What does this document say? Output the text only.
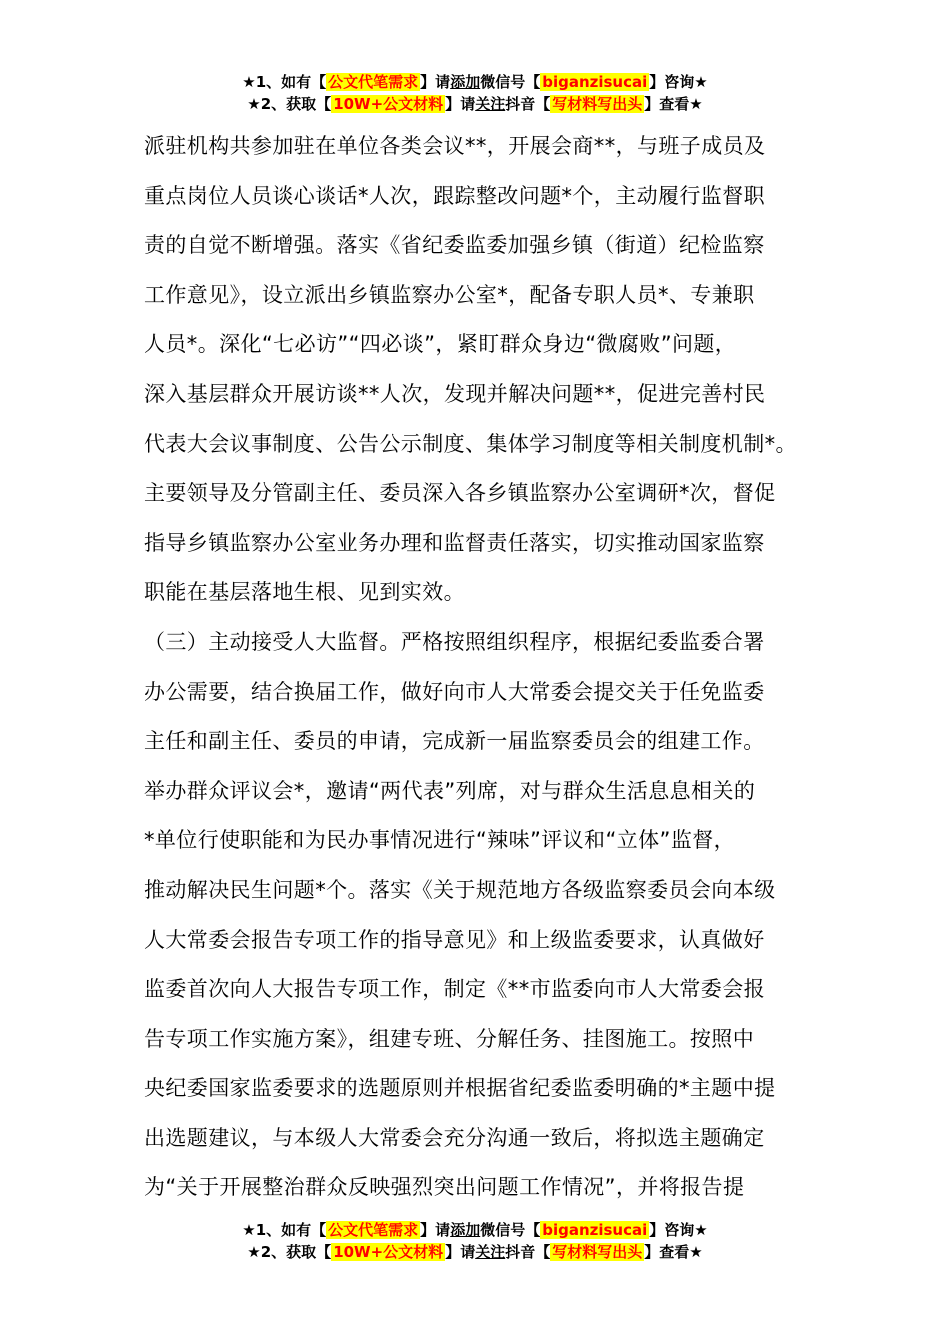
★1、如有【 公文代笔需求 】请添加微信号【 biganzisucai 】咨询★
★2、获取【 10W+公文材料 】请关注抖音【 写材料写出头 】查看★

派驻机构共参加驻在单位各类会议**，开展会商**，与班子成员及

重点岗位人员谈心谈话*人次，跟踪整改问题*个，主动履行监督职

责的自觉不断增强。落实《省纪委监委加强乡镇（街道）纪检监察

工作意见》，设立派出乡镇监察办公室*，配备专职人员*、专兼职

人员*。深化“七必访”“四必谈”，紧盯群众身边“微腐败”问题，

深入基层群众开展访谈**人次，发现并解决问题**，促进完善村民

代表大会议事制度、公告公示制度、集体学习制度等相关制度机制*。

主要领导及分管副主任、委员深入各乡镇监察办公室调研*次，督促

指导乡镇监察办公室业务办理和监督责任落实，切实推动国家监察

职能在基层落地生根、见到实效。

（三）主动接受人大监督。严格按照组织程序，根据纪委监委合署

办公需要，结合换届工作，做好向市人大常委会提交关于任免监委

主任和副主任、委员的申请，完成新一届监察委员会的组建工作。

举办群众评议会*，邀请“两代表”列席，对与群众生活息息相关的

*单位行使职能和为民办事情况进行“辣味”评议和“立体”监督，

推动解决民生问题*个。落实《关于规范地方各级监察委员会向本级

人大常委会报告专项工作的指导意见》和上级监委要求，认真做好

监委首次向人大报告专项工作，制定《**市监委向市人大常委会报

告专项工作实施方案》，组建专班、分解任务、挂图施工。按照中

央纪委国家监委要求的选题原则并根据省纪委监委明确的*主题中提

出选题建议，与本级人大常委会充分沟通一致后，将拟选主题确定

为“关于开展整治群众反映强烈突出问题工作情况”，并将报告提

★1、如有【 公文代笔需求 】请添加微信号【 biganzisucai 】咨询★
★2、获取【 10W+公文材料 】请关注抖音【 写材料写出头 】查看★
